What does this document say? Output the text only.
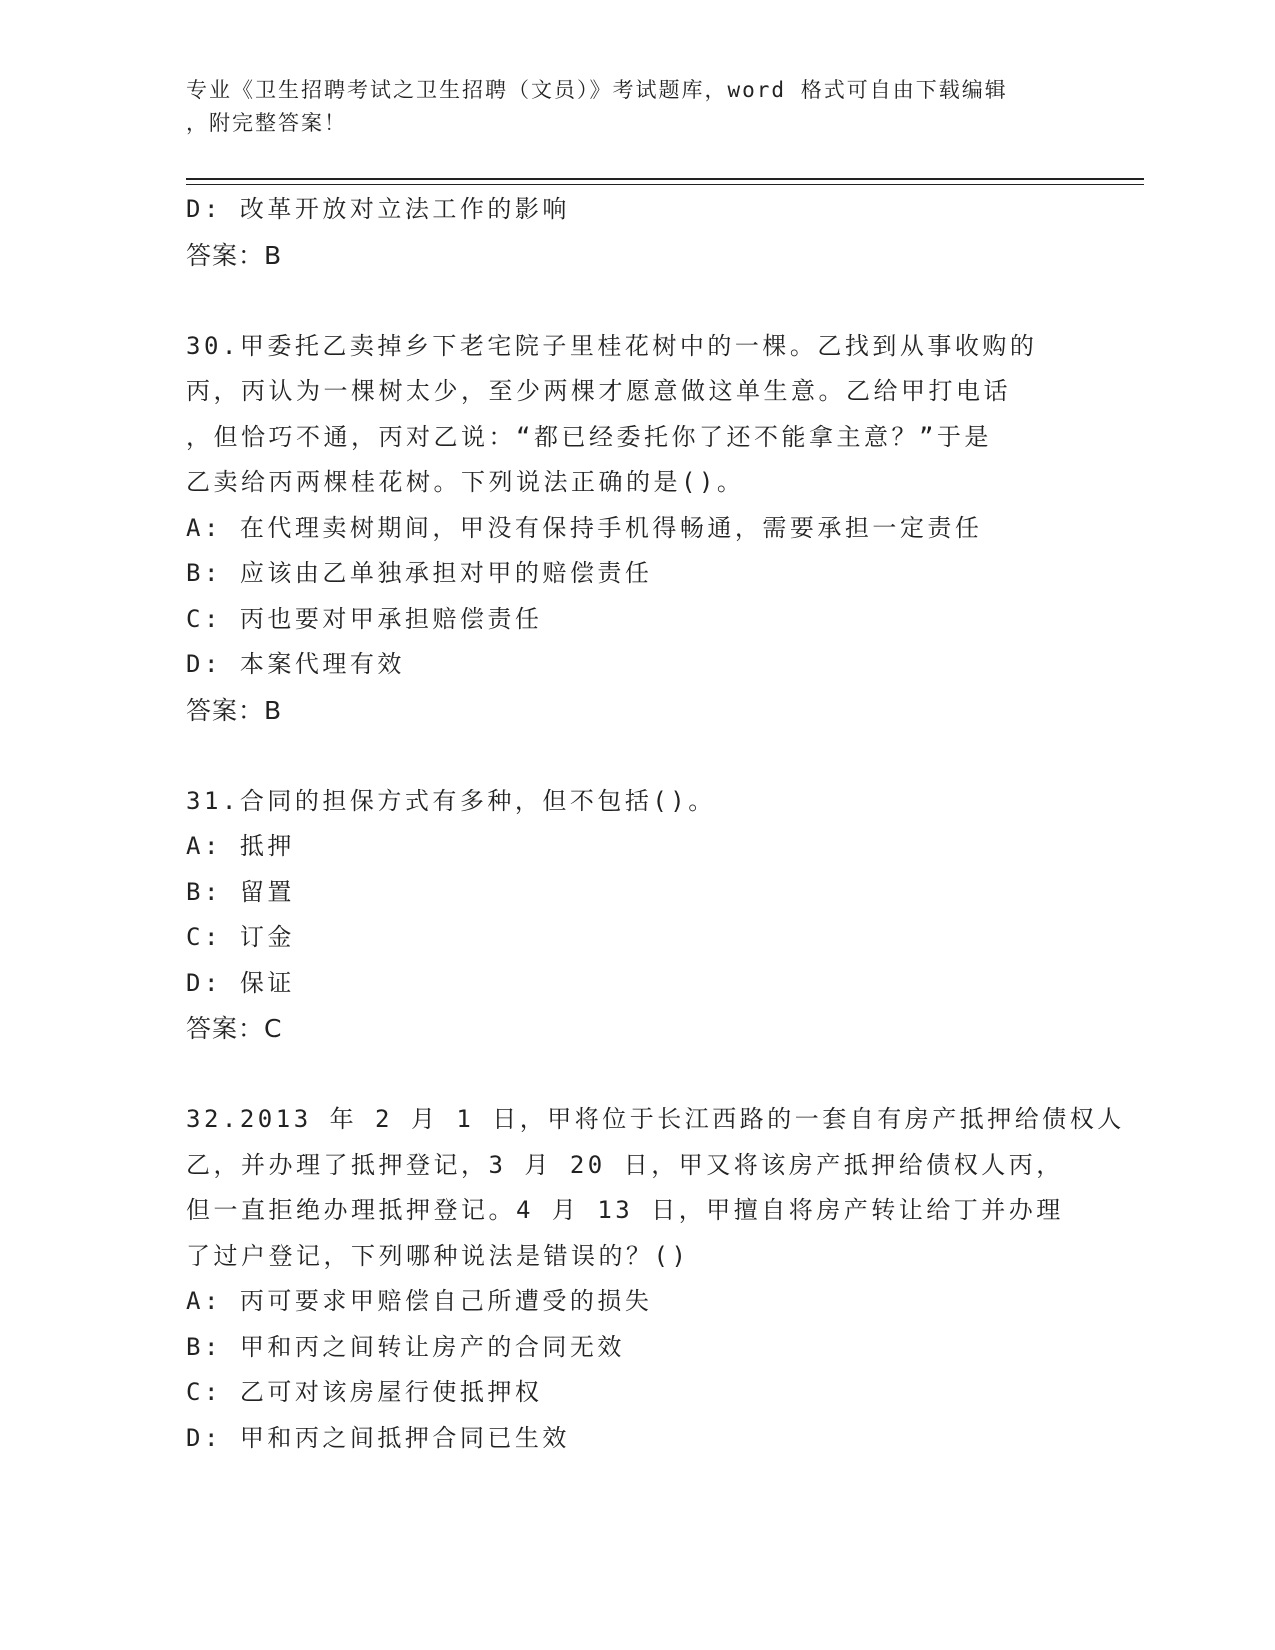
专业《卫生招聘考试之卫生招聘（文员）》考试题库，word 格式可自由下载编辑
，附完整答案！
D: 改革开放对立法工作的影响
答案：B
30.甲委托乙卖掉乡下老宅院子里桂花树中的一棵。乙找到从事收购的
丙，丙认为一棵树太少，至少两棵才愿意做这单生意。乙给甲打电话
，但恰巧不通，丙对乙说：“都已经委托你了还不能拿主意？”于是
乙卖给丙两棵桂花树。下列说法正确的是()。
A: 在代理卖树期间，甲没有保持手机得畅通，需要承担一定责任
B: 应该由乙单独承担对甲的赔偿责任
C: 丙也要对甲承担赔偿责任
D: 本案代理有效
答案：B
31.合同的担保方式有多种，但不包括()。
A: 抵押
B: 留置
C: 订金
D: 保证
答案：C
32.2013 年 2 月 1 日，甲将位于长江西路的一套自有房产抵押给债权人
乙，并办理了抵押登记，3 月 20 日，甲又将该房产抵押给债权人丙，
但一直拒绝办理抵押登记。4 月 13 日，甲擅自将房产转让给丁并办理
了过户登记，下列哪种说法是错误的？()
A: 丙可要求甲赔偿自己所遭受的损失
B: 甲和丙之间转让房产的合同无效
C: 乙可对该房屋行使抵押权
D: 甲和丙之间抵押合同已生效
